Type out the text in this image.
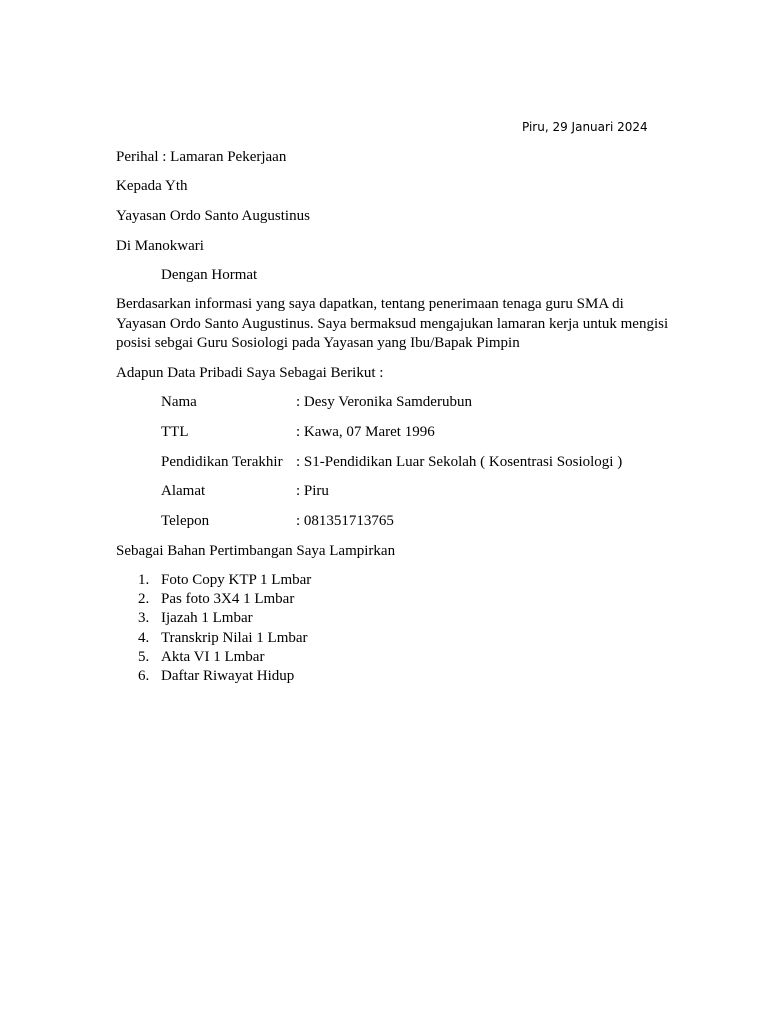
Piru, 29 Januari 2024
Perihal : Lamaran Pekerjaan
Kepada Yth
Yayasan Ordo Santo Augustinus
Di Manokwari
Dengan Hormat
Berdasarkan informasi yang saya dapatkan, tentang penerimaan tenaga guru SMA di
Yayasan Ordo Santo Augustinus. Saya bermaksud mengajukan lamaran kerja untuk mengisi
posisi sebgai Guru Sosiologi pada Yayasan yang Ibu/Bapak Pimpin
Adapun Data Pribadi Saya Sebagai Berikut :
Nama	: Desy Veronika Samderubun
TTL	: Kawa, 07 Maret 1996
Pendidikan Terakhir : S1-Pendidikan Luar Sekolah ( Kosentrasi Sosiologi )
Alamat	: Piru
Telepon	: 081351713765
Sebagai Bahan Pertimbangan Saya Lampirkan
1. Foto Copy KTP 1 Lmbar
2. Pas foto 3X4 1 Lmbar
3. Ijazah 1 Lmbar
4. Transkrip Nilai 1 Lmbar
5. Akta VI 1 Lmbar
6. Daftar Riwayat Hidup
